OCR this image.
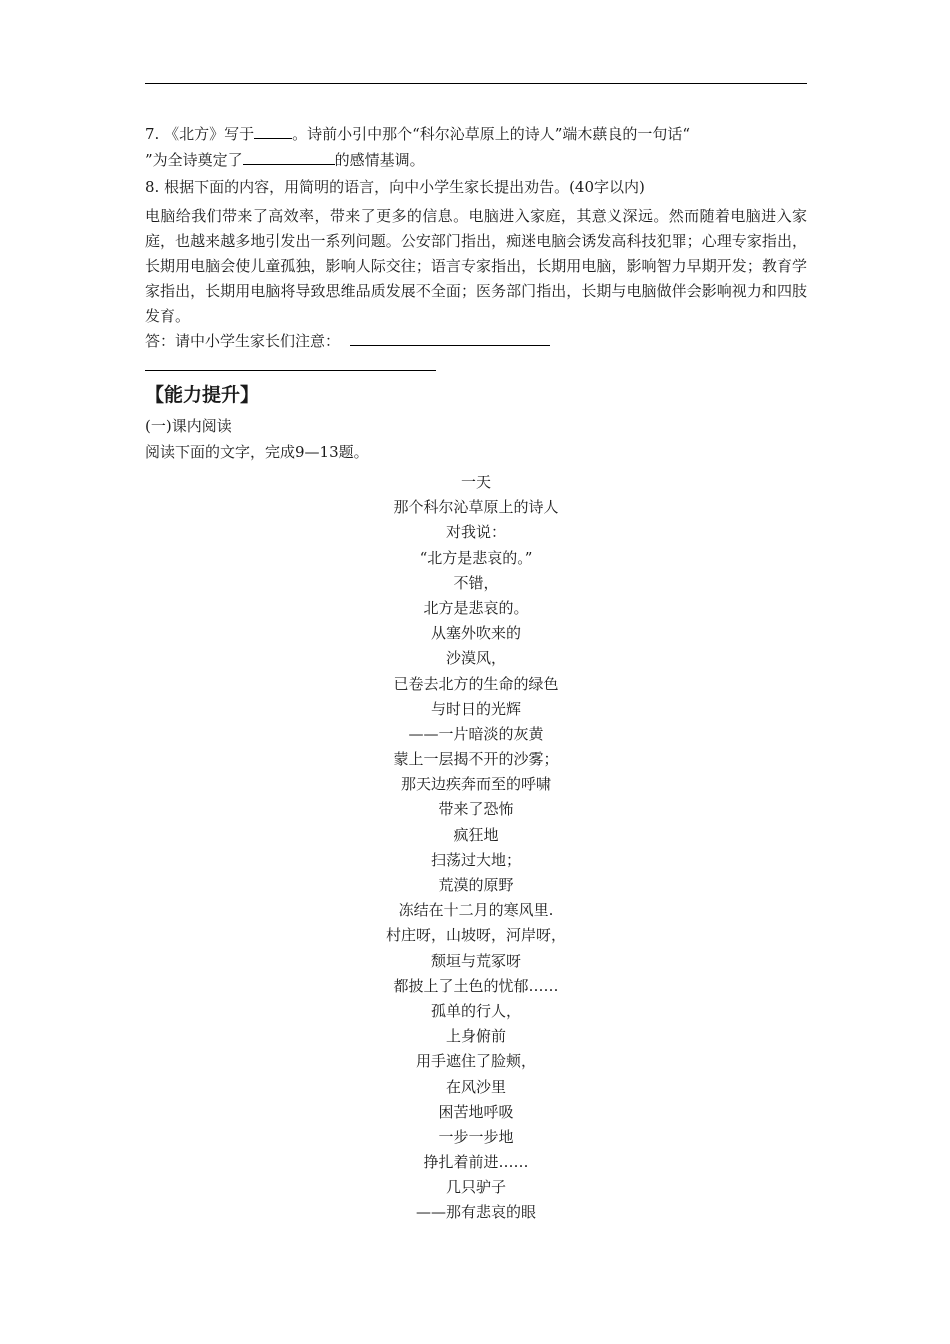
7. 《北方》写于	。诗前小引中那个“科尔沁草原上的诗人”端木蕻良的一句话“
”为全诗奠定了	的感情基调。
8. 根据下面的内容，用简明的语言，向中小学生家长提出劝告。(40字以内)
电脑给我们带来了高效率，带来了更多的信息。电脑进入家庭，其意义深远。然而随着电脑进入家庭，也越来越多地引发出一系列问题。公安部门指出，痴迷电脑会诱发高科技犯罪；心理专家指出，长期用电脑会使儿童孤独，影响人际交往；语言专家指出，长期用电脑，影响智力早期开发；教育学家指出，长期用电脑将导致思维品质发展不全面；医务部门指出，长期与电脑做伴会影响视力和四肢发育。
答：请中小学生家长们注意：
【能力提升】
(一)课内阅读
阅读下面的文字，完成9—13题。
一天
那个科尔沁草原上的诗人
对我说：
“北方是悲哀的。”
不错，
北方是悲哀的。
从塞外吹来的
沙漠风，
已卷去北方的生命的绿色
与时日的光辉
——一片暗淡的灰黄
蒙上一层揭不开的沙雾；
那天边疾奔而至的呼啸
带来了恐怖
疯狂地
扫荡过大地；
荒漠的原野
冻结在十二月的寒风里.
村庄呀，山坡呀，河岸呀，
颓垣与荒冢呀
都披上了土色的忧郁……
孤单的行人，
上身俯前
用手遮住了脸颊，
在风沙里
困苦地呼吸
一步一步地
挣扎着前进……
几只驴子
——那有悲哀的眼
